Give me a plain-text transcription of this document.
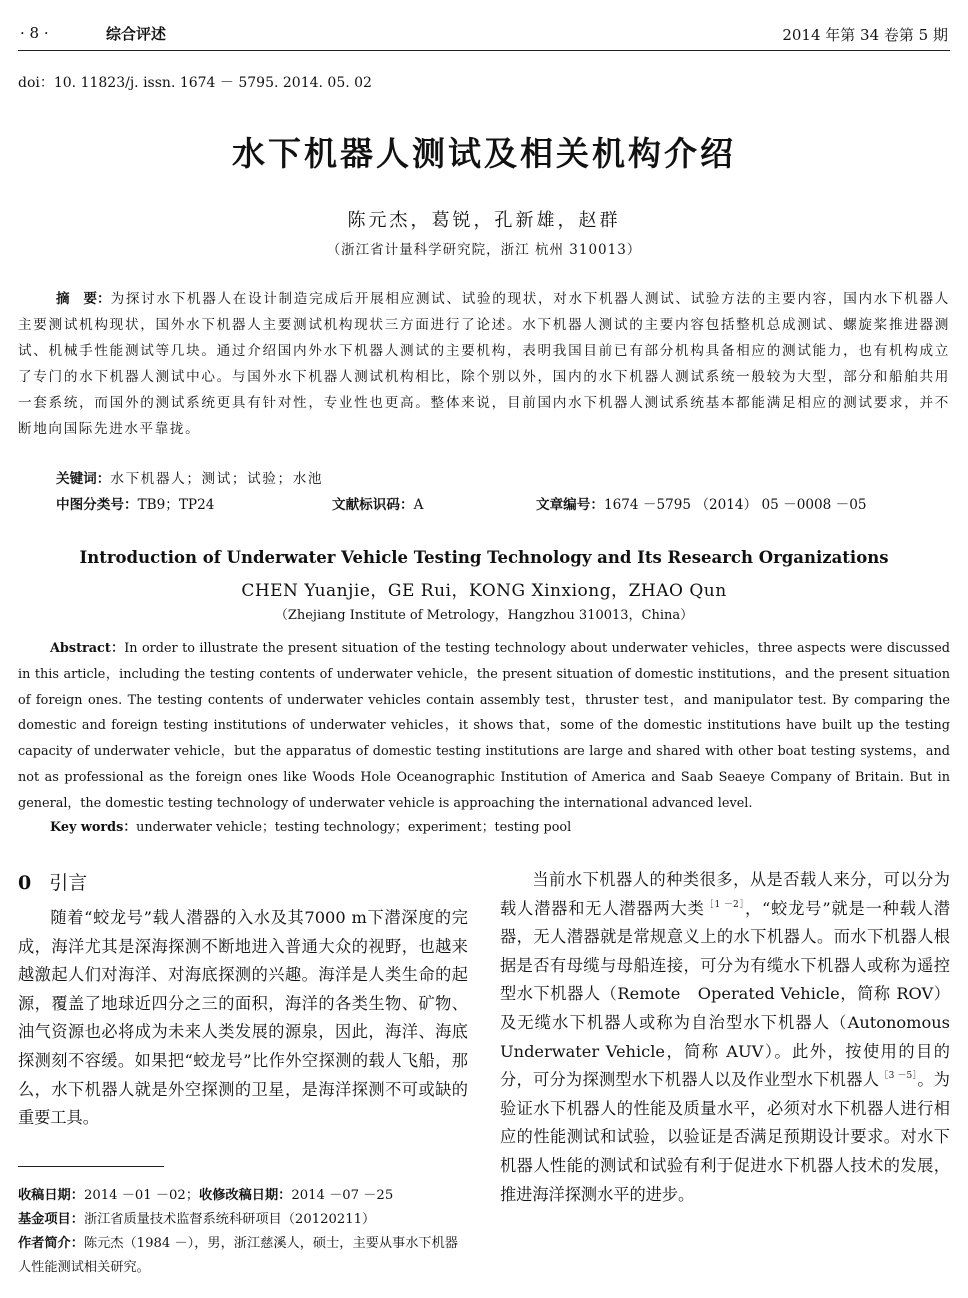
· 8 ·	综合评述	2014 年第 34 卷第 5 期
doi：10. 11823/j. issn. 1674 － 5795. 2014. 05. 02
水下机器人测试及相关机构介绍
陈元杰，葛锐，孔新雄，赵群
（浙江省计量科学研究院，浙江 杭州 310013）

摘　要：为探讨水下机器人在设计制造完成后开展相应测试、试验的现状，对水下机器人测试、试验方法的主要内容，国内水下机器人主要测试机构现状，国外水下机器人主要测试机构现状三方面进行了论述。水下机器人测试的主要内容包括整机总成测试、螺旋桨推进器测试、机械手性能测试等几块。通过介绍国内外水下机器人测试的主要机构，表明我国目前已有部分机构具备相应的测试能力，也有机构成立了专门的水下机器人测试中心。与国外水下机器人测试机构相比，除个别以外，国内的水下机器人测试系统一般较为大型，部分和船舶共用一套系统，而国外的测试系统更具有针对性，专业性也更高。整体来说，目前国内水下机器人测试系统基本都能满足相应的测试要求，并不断地向国际先进水平靠拢。

关键词：水下机器人；测试；试验；水池
中图分类号：TB9；TP24	文献标识码：A	文章编号：1674 －5795 （2014） 05 －0008 －05
Introduction of Underwater Vehicle Testing Technology and Its Research Organizations
CHEN Yuanjie，GE Rui，KONG Xinxiong，ZHAO Qun
（Zhejiang Institute of Metrology，Hangzhou 310013，China）

Abstract：In order to illustrate the present situation of the testing technology about underwater vehicles，three aspects were discussed in this article，including the testing contents of underwater vehicle，the present situation of domestic institutions，and the present situation of foreign ones. The testing contents of underwater vehicles contain assembly test，thruster test，and manipulator test. By comparing the domestic and foreign testing institutions of underwater vehicles，it shows that，some of the domestic institutions have built up the testing capacity of underwater vehicle，but the apparatus of domestic testing institutions are large and shared with other boat testing systems，and not as professional as the foreign ones like Woods Hole Oceanographic Institution of America and Saab Seaeye Company of Britain. But in general，the domestic testing technology of underwater vehicle is approaching the international advanced level.

Key words：underwater vehicle；testing technology；experiment；testing pool
0 引言

随着“蛟龙号”载人潜器的入水及其7000 m下潜深度的完成，海洋尤其是深海探测不断地进入普通大众的视野，也越来越激起人们对海洋、对海底探测的兴趣。海洋是人类生命的起源，覆盖了地球近四分之三的面积，海洋的各类生物、矿物、油气资源也必将成为未来人类发展的源泉，因此，海洋、海底探测刻不容缓。如果把“蛟龙号”比作外空探测的载人飞船，那么，水下机器人就是外空探测的卫星，是海洋探测不可或缺的重要工具。

当前水下机器人的种类很多，从是否载人来分，可以分为载人潜器和无人潜器两大类$^{[1 -2]}$，“蛟龙号”就是一种载人潜器，无人潜器就是常规意义上的水下机器人。而水下机器人根据是否有母缆与母船连接，可分为有缆水下机器人或称为遥控型水下机器人（Remote　Operated Vehicle，简称 ROV）及无缆水下机器人或称为自治型水下机器人（Autonomous Underwater Vehicle，简称 AUV）。此外，按使用的目的分，可分为探测型水下机器人以及作业型水下机器人$^{[3 -5]}$。为验证水下机器人的性能及质量水平，必须对水下机器人进行相应的性能测试和试验，以验证是否满足预期设计要求。对水下机器人性能的测试和试验有利于促进水下机器人技术的发展，推进海洋探测水平的进步。

收稿日期：2014 －01 －02；收修改稿日期：2014 －07 －25
基金项目：浙江省质量技术监督系统科研项目（20120211）
作者简介：陈元杰（1984 －），男，浙江慈溪人，硕士，主要从事水下机器人性能测试相关研究。
